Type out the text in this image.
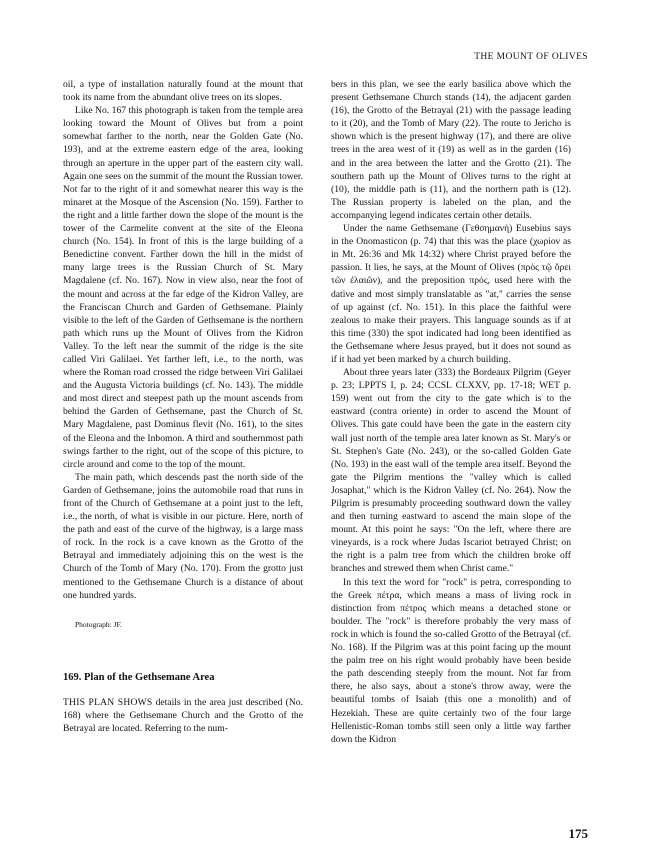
THE MOUNT OF OLIVES

oil, a type of installation naturally found at the mount that took its name from the abundant olive trees on its slopes.

Like No. 167 this photograph is taken from the temple area looking toward the Mount of Olives but from a point somewhat farther to the north, near the Golden Gate (No. 193), and at the extreme eastern edge of the area, looking through an aperture in the upper part of the eastern city wall. Again one sees on the summit of the mount the Russian tower. Not far to the right of it and somewhat nearer this way is the minaret at the Mosque of the Ascension (No. 159). Farther to the right and a little farther down the slope of the mount is the tower of the Carmelite convent at the site of the Eleona church (No. 154). In front of this is the large building of a Benedictine convent. Farther down the hill in the midst of many large trees is the Russian Church of St. Mary Magdalene (cf. No. 167). Now in view also, near the foot of the mount and across at the far edge of the Kidron Valley, are the Franciscan Church and Garden of Gethsemane. Plainly visible to the left of the Garden of Gethsemane is the northern path which runs up the Mount of Olives from the Kidron Valley. To the left near the summit of the ridge is the site called Viri Galilaei. Yet farther left, i.e., to the north, was where the Roman road crossed the ridge between Viri Galilaei and the Augusta Victoria buildings (cf. No. 143). The middle and most direct and steepest path up the mount ascends from behind the Garden of Gethsemane, past the Church of St. Mary Magdalene, past Dominus flevit (No. 161), to the sites of the Eleona and the Inbomon. A third and southernmost path swings farther to the right, out of the scope of this picture, to circle around and come to the top of the mount.

The main path, which descends past the north side of the Garden of Gethsemane, joins the automobile road that runs in front of the Church of Gethsemane at a point just to the left, i.e., the north, of what is visible in our picture. Here, north of the path and east of the curve of the highway, is a large mass of rock. In the rock is a cave known as the Grotto of the Betrayal and immediately adjoining this on the west is the Church of the Tomb of Mary (No. 170). From the grotto just mentioned to the Gethsemane Church is a distance of about one hundred yards.

Photograph: JF.
169. Plan of the Gethsemane Area

THIS PLAN SHOWS details in the area just described (No. 168) where the Gethsemane Church and the Grotto of the Betrayal are located. Referring to the num-

bers in this plan, we see the early basilica above which the present Gethsemane Church stands (14), the adjacent garden (16), the Grotto of the Betrayal (21) with the passage leading to it (20), and the Tomb of Mary (22). The route to Jericho is shown which is the present highway (17), and there are olive trees in the area west of it (19) as well as in the garden (16) and in the area between the latter and the Grotto (21). The southern path up the Mount of Olives turns to the right at (10), the middle path is (11), and the northern path is (12). The Russian property is labeled on the plan, and the accompanying legend indicates certain other details.

Under the name Gethsemane (Γεθσημανή) Eusebius says in the Onomasticon (p. 74) that this was the place (χωρίον as in Mt. 26:36 and Mk 14:32) where Christ prayed before the passion. It lies, he says, at the Mount of Olives (πρὸς τῷ ὄρει τῶν ἐλαιῶν), and the preposition πρός, used here with the dative and most simply translatable as "at," carries the sense of up against (cf. No. 151). In this place the faithful were zealous to make their prayers. This language sounds as if at this time (330) the spot indicated had long been identified as the Gethsemane where Jesus prayed, but it does not sound as if it had yet been marked by a church building.

About three years later (333) the Bordeaux Pilgrim (Geyer p. 23; LPPTS I, p. 24; CCSL CLXXV, pp. 17-18; WET p. 159) went out from the city to the gate which is to the eastward (contra oriente) in order to ascend the Mount of Olives. This gate could have been the gate in the eastern city wall just north of the temple area later known as St. Mary's or St. Stephen's Gate (No. 243), or the so-called Golden Gate (No. 193) in the east wall of the temple area itself. Beyond the gate the Pilgrim mentions the "valley which is called Josaphat," which is the Kidron Valley (cf. No. 264). Now the Pilgrim is presumably proceeding southward down the valley and then turning eastward to ascend the main slope of the mount. At this point he says: "On the left, where there are vineyards, is a rock where Judas Iscariot betrayed Christ; on the right is a palm tree from which the children broke off branches and strewed them when Christ came."

In this text the word for "rock" is petra, corresponding to the Greek πέτρα, which means a mass of living rock in distinction from πέτρος which means a detached stone or boulder. The "rock" is therefore probably the very mass of rock in which is found the so-called Grotto of the Betrayal (cf. No. 168). If the Pilgrim was at this point facing up the mount the palm tree on his right would probably have been beside the path descending steeply from the mount. Not far from there, he also says, about a stone's throw away, were the beautiful tombs of Isaiah (this one a monolith) and of Hezekiah. These are quite certainly two of the four large Hellenistic-Roman tombs still seen only a little way farther down the Kidron

175
